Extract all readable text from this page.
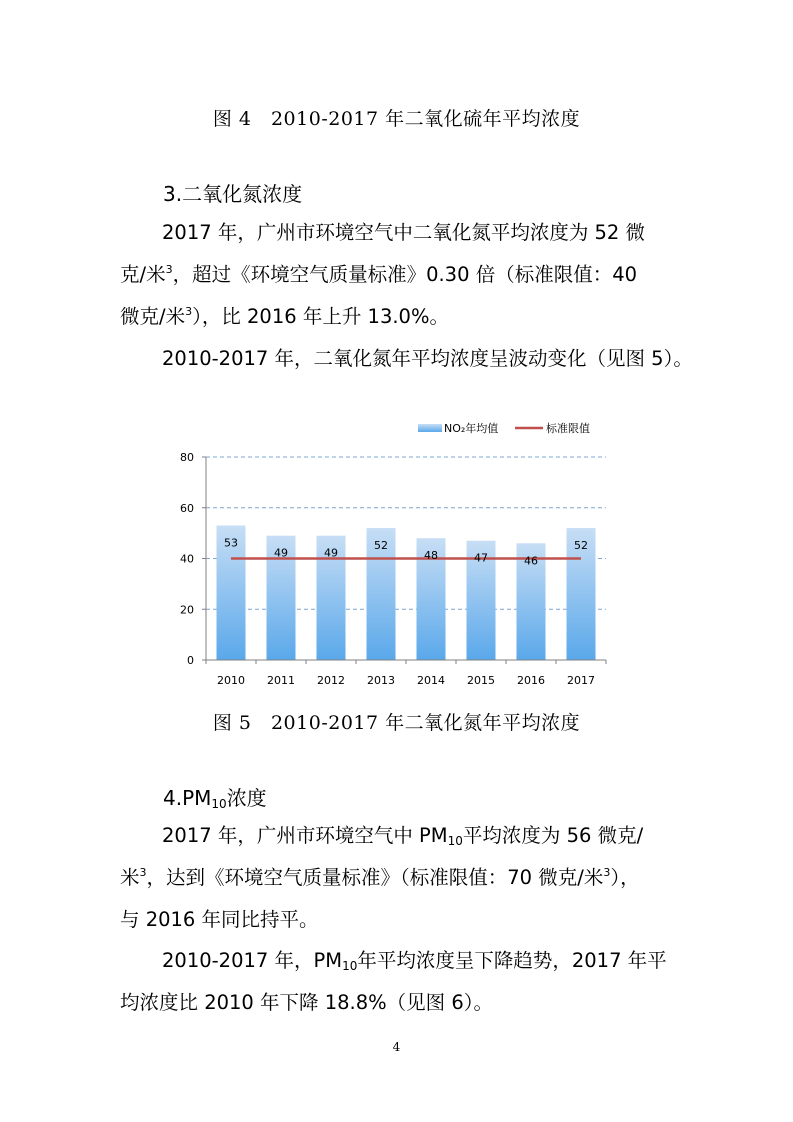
图 4　2010-2017 年二氧化硫年平均浓度
3.二氧化氮浓度
2017 年，广州市环境空气中二氧化氮平均浓度为 52 微
克/米$^3$，超过《环境空气质量标准》0.30 倍（标准限值：40
微克/米$^3$），比 2016 年上升 13.0%。
2010-2017 年，二氧化氮年平均浓度呈波动变化（见图 5）。
53
49	49
52
48	47	46
52
0
20
40
60
80
2010 2011 2012 2013 2014 2015 2016 2017
NO₂年均值	标准限值
图 5　2010-2017 年二氧化氮年平均浓度
$4.PM_{10}$浓度
2017 年，广州市环境空气中 $PM_{10}$平均浓度为 56 微克/
米$^3$，达到《环境空气质量标准》（标准限值：70 微克/米$^3$），
与 2016 年同比持平。
2010-2017 年，$PM_{10}$年平均浓度呈下降趋势，2017 年平
均浓度比 2010 年下降 18.8%（见图 6）。
4
